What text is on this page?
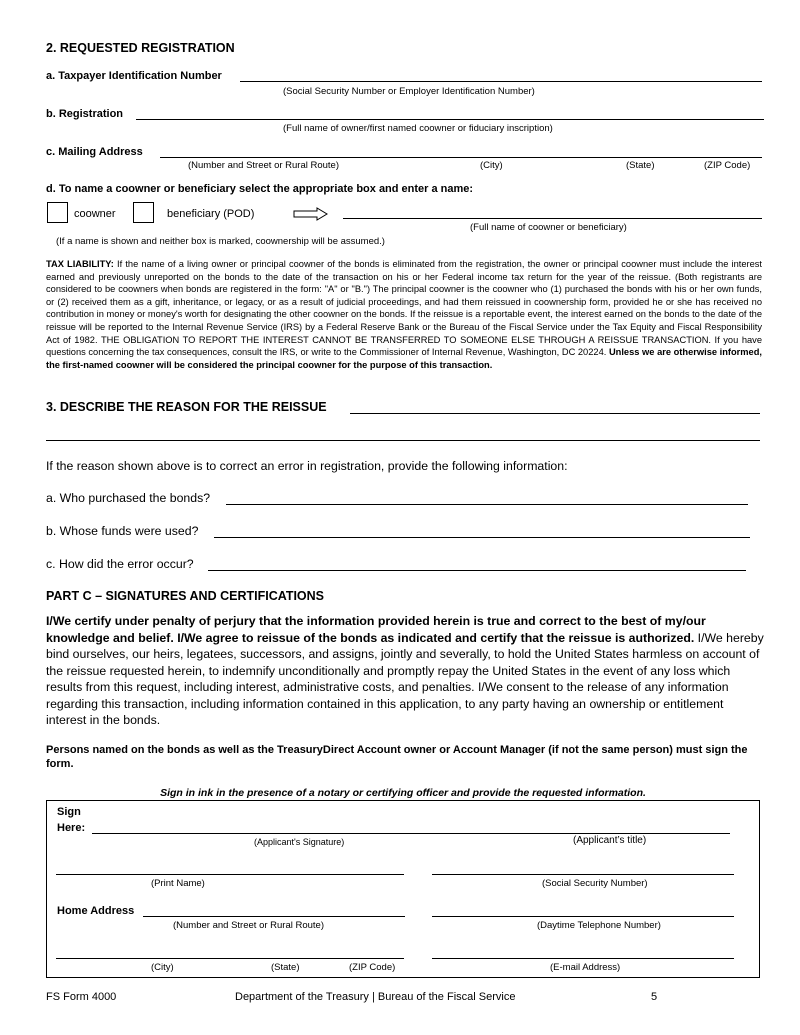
2. REQUESTED REGISTRATION
a. Taxpayer Identification Number
(Social Security Number or Employer Identification Number)
b. Registration
(Full name of owner/first named coowner or fiduciary inscription)
c. Mailing Address
(Number and Street or Rural Route)	(City)	(State)	(ZIP Code)
d. To name a coowner or beneficiary select the appropriate box and enter a name:
coowner	beneficiary (POD)
(Full name of coowner or beneficiary)
(If a name is shown and neither box is marked, coownership will be assumed.)
TAX LIABILITY: If the name of a living owner or principal coowner of the bonds is eliminated from the registration, the owner or principal coowner must include the interest earned and previously unreported on the bonds to the date of the transaction on his or her Federal income tax return for the year of the reissue. (Both registrants are considered to be coowners when bonds are registered in the form: "A" or "B.") The principal coowner is the coowner who (1) purchased the bonds with his or her own funds, or (2) received them as a gift, inheritance, or legacy, or as a result of judicial proceedings, and had them reissued in coownership form, provided he or she has received no contribution in money or money's worth for designating the other coowner on the bonds. If the reissue is a reportable event, the interest earned on the bonds to the date of the reissue will be reported to the Internal Revenue Service (IRS) by a Federal Reserve Bank or the Bureau of the Fiscal Service under the Tax Equity and Fiscal Responsibility Act of 1982. THE OBLIGATION TO REPORT THE INTEREST CANNOT BE TRANSFERRED TO SOMEONE ELSE THROUGH A REISSUE TRANSACTION. If you have questions concerning the tax consequences, consult the IRS, or write to the Commissioner of Internal Revenue, Washington, DC 20224. Unless we are otherwise informed, the first-named coowner will be considered the principal coowner for the purpose of this transaction.
3. DESCRIBE THE REASON FOR THE REISSUE
If the reason shown above is to correct an error in registration, provide the following information:
a. Who purchased the bonds?
b. Whose funds were used?
c. How did the error occur?
PART C – SIGNATURES AND CERTIFICATIONS
I/We certify under penalty of perjury that the information provided herein is true and correct to the best of my/our knowledge and belief. I/We agree to reissue of the bonds as indicated and certify that the reissue is authorized. I/We hereby bind ourselves, our heirs, legatees, successors, and assigns, jointly and severally, to hold the United States harmless on account of the reissue requested herein, to indemnify unconditionally and promptly repay the United States in the event of any loss which results from this request, including interest, administrative costs, and penalties. I/We consent to the release of any information regarding this transaction, including information contained in this application, to any party having an ownership or entitlement interest in the bonds.
Persons named on the bonds as well as the TreasuryDirect Account owner or Account Manager (if not the same person) must sign the form.
Sign in ink in the presence of a notary or certifying officer and provide the requested information.
Sign
Here:
(Applicant's Signature)	(Applicant’s title)
(Print Name)	(Social Security Number)
Home Address
(Number and Street or Rural Route)	(Daytime Telephone Number)
(City)	(State)	(ZIP Code)	(E-mail Address)
FS Form 4000	Department of the Treasury | Bureau of the Fiscal Service	5
